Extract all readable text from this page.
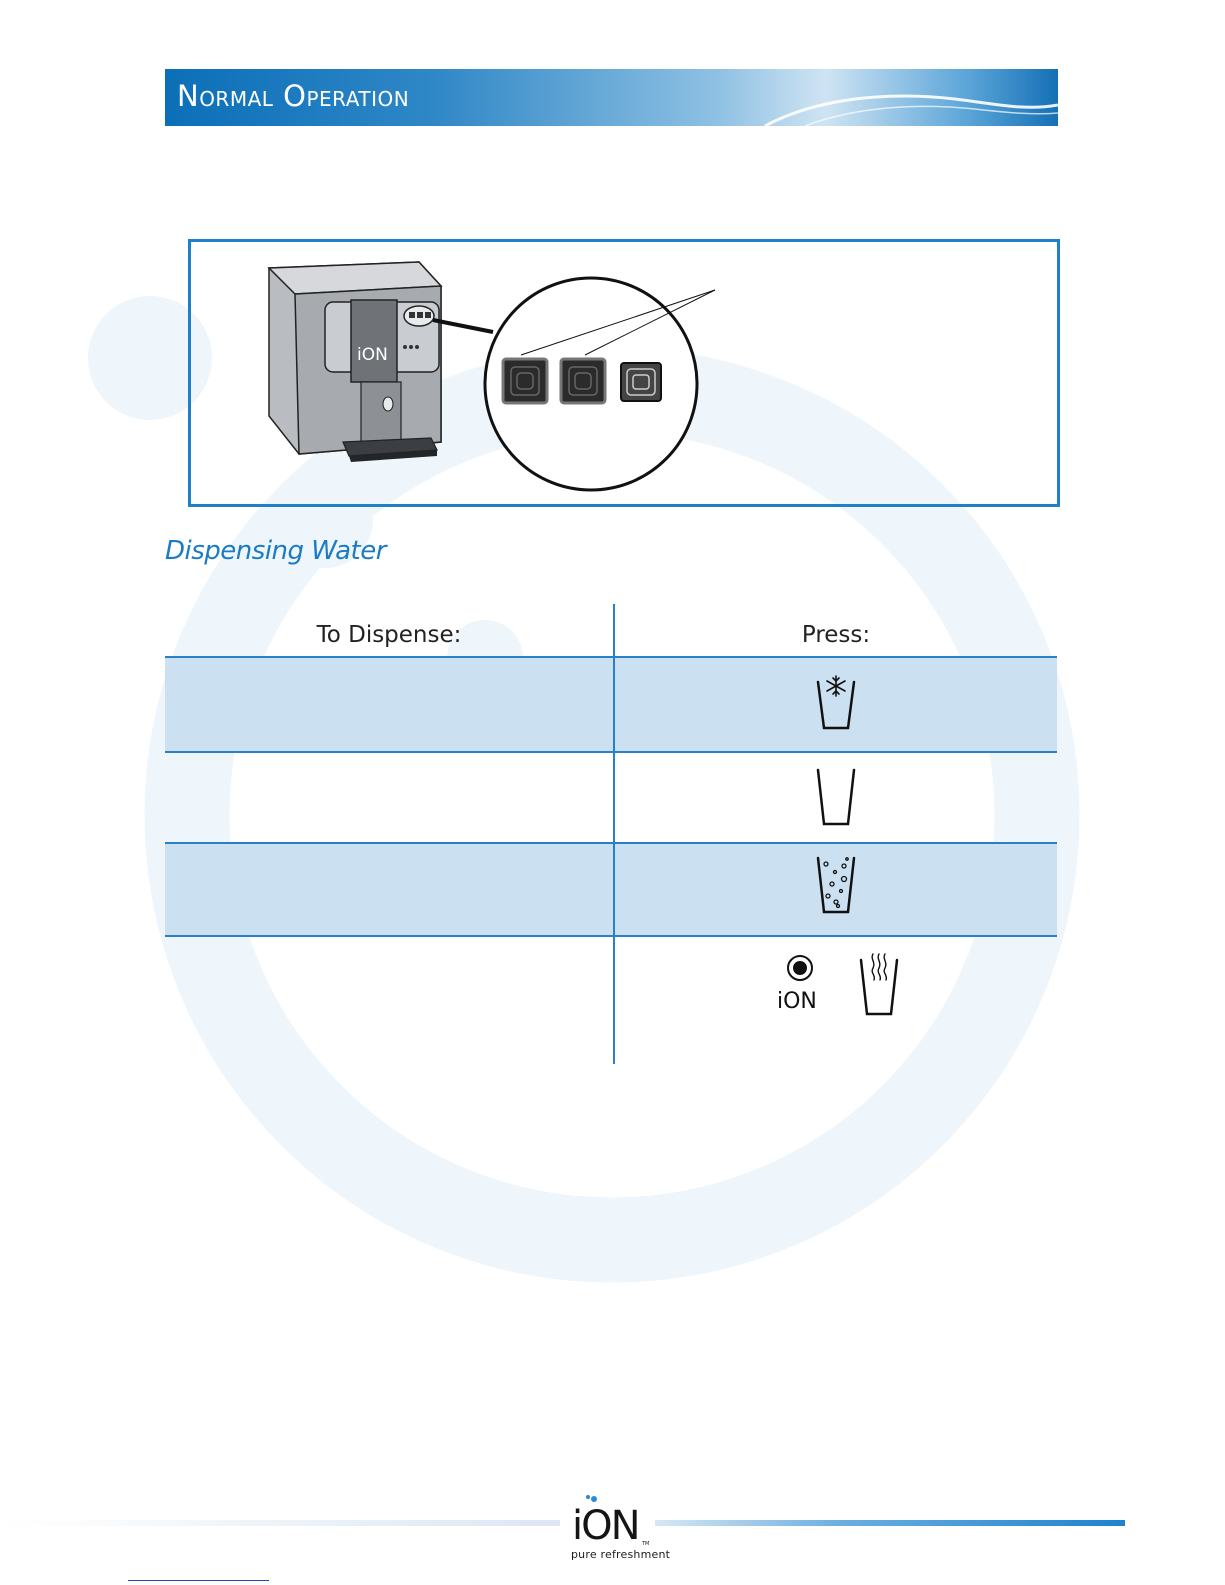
Normal Operation
iON
Dispensing Water
To Dispense:	Press:
iON
iON TM
pure refreshment
